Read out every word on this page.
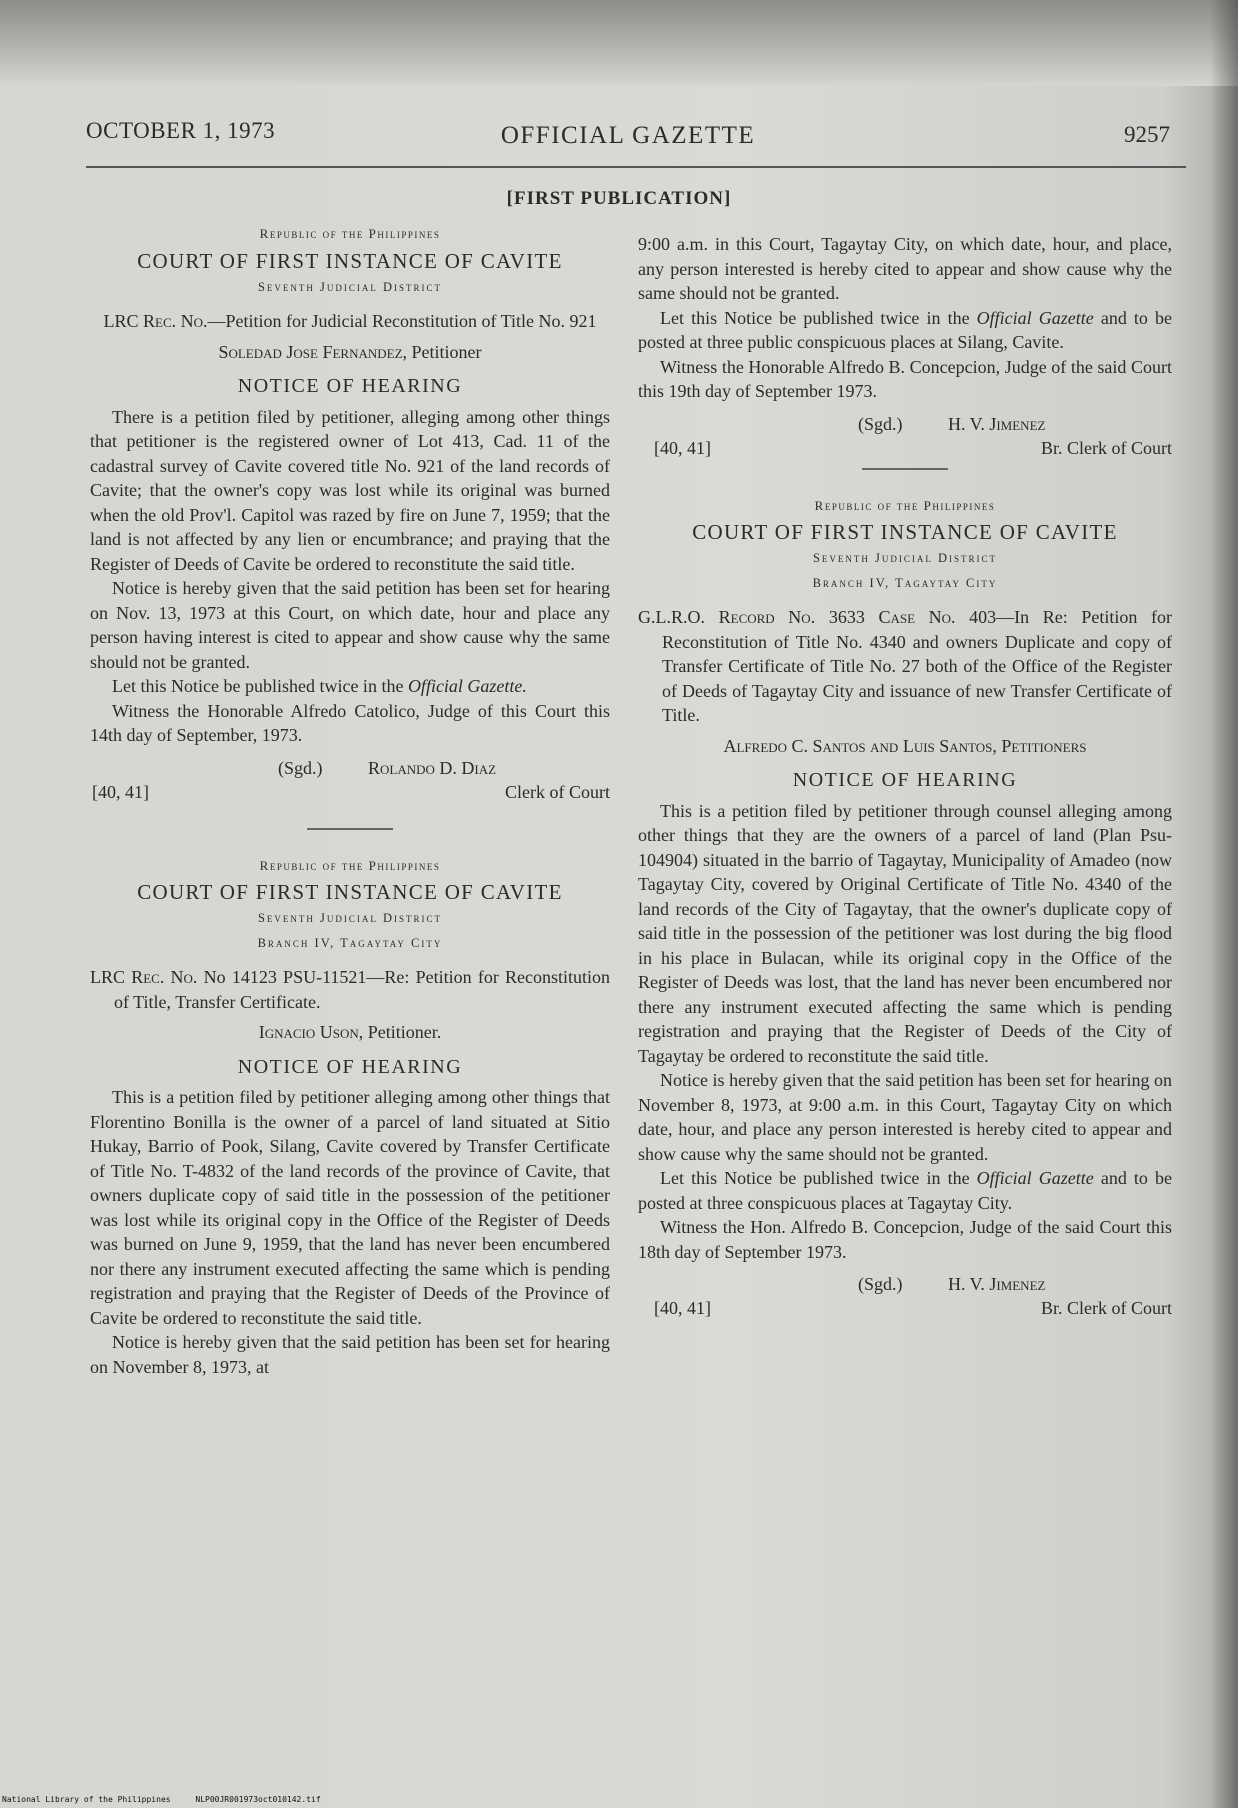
OCTOBER 1, 1973	OFFICIAL GAZETTE	9257
[FIRST PUBLICATION]

Republic of the Philippines

COURT OF FIRST INSTANCE OF CAVITE

Seventh Judicial District

LRC Rec. No.—Petition for Judicial Reconstitution of Title No. 921

Soledad Jose Fernandez, Petitioner

NOTICE OF HEARING

There is a petition filed by petitioner, alleging among other things that petitioner is the registered owner of Lot 413, Cad. 11 of the cadastral survey of Cavite covered title No. 921 of the land records of Cavite; that the owner's copy was lost while its original was burned when the old Prov'l. Capitol was razed by fire on June 7, 1959; that the land is not affected by any lien or encumbrance; and praying that the Register of Deeds of Cavite be ordered to reconstitute the said title.

Notice is hereby given that the said petition has been set for hearing on Nov. 13, 1973 at this Court, on which date, hour and place any person having interest is cited to appear and show cause why the same should not be granted.

Let this Notice be published twice in the Official Gazette.

Witness the Honorable Alfredo Catolico, Judge of this Court this 14th day of September, 1973.

(Sgd.)	Rolando D. Diaz
[40, 41]	Clerk of Court

Republic of the Philippines

COURT OF FIRST INSTANCE OF CAVITE

Seventh Judicial District

Branch IV, Tagaytay City

LRC Rec. No. No 14123 PSU-11521—Re: Petition for Reconstitution of Title, Transfer Certificate.

Ignacio Uson, Petitioner.

NOTICE OF HEARING

This is a petition filed by petitioner alleging among other things that Florentino Bonilla is the owner of a parcel of land situated at Sitio Hukay, Barrio of Pook, Silang, Cavite covered by Transfer Certificate of Title No. T-4832 of the land records of the province of Cavite, that owners duplicate copy of said title in the possession of the petitioner was lost while its original copy in the Office of the Register of Deeds was burned on June 9, 1959, that the land has never been encumbered nor there any instrument executed affecting the same which is pending registration and praying that the Register of Deeds of the Province of Cavite be ordered to reconstitute the said title.

Notice is hereby given that the said petition has been set for hearing on November 8, 1973, at

9:00 a.m. in this Court, Tagaytay City, on which date, hour, and place, any person interested is hereby cited to appear and show cause why the same should not be granted.

Let this Notice be published twice in the Official Gazette and to be posted at three public conspicuous places at Silang, Cavite.

Witness the Honorable Alfredo B. Concepcion, Judge of the said Court this 19th day of September 1973.

(Sgd.)	H. V. Jimenez
[40, 41]	Br. Clerk of Court

Republic of the Philippines

COURT OF FIRST INSTANCE OF CAVITE

Seventh Judicial District

Branch IV, Tagaytay City

G.L.R.O. Record No. 3633 Case No. 403—In Re: Petition for Reconstitution of Title No. 4340 and owners Duplicate and copy of Transfer Certificate of Title No. 27 both of the Office of the Register of Deeds of Tagaytay City and issuance of new Transfer Certificate of Title.

Alfredo C. Santos and Luis Santos, Petitioners

NOTICE OF HEARING

This is a petition filed by petitioner through counsel alleging among other things that they are the owners of a parcel of land (Plan Psu-104904) situated in the barrio of Tagaytay, Municipality of Amadeo (now Tagaytay City, covered by Original Certificate of Title No. 4340 of the land records of the City of Tagaytay, that the owner's duplicate copy of said title in the possession of the petitioner was lost during the big flood in his place in Bulacan, while its original copy in the Office of the Register of Deeds was lost, that the land has never been encumbered nor there any instrument executed affecting the same which is pending registration and praying that the Register of Deeds of the City of Tagaytay be ordered to reconstitute the said title.

Notice is hereby given that the said petition has been set for hearing on November 8, 1973, at 9:00 a.m. in this Court, Tagaytay City on which date, hour, and place any person interested is hereby cited to appear and show cause why the same should not be granted.

Let this Notice be published twice in the Official Gazette and to be posted at three conspicuous places at Tagaytay City.

Witness the Hon. Alfredo B. Concepcion, Judge of the said Court this 18th day of September 1973.

(Sgd.)	H. V. Jimenez
[40, 41]	Br. Clerk of Court
National Library of the Philippines	NLP00JR001973oct010142.tif
